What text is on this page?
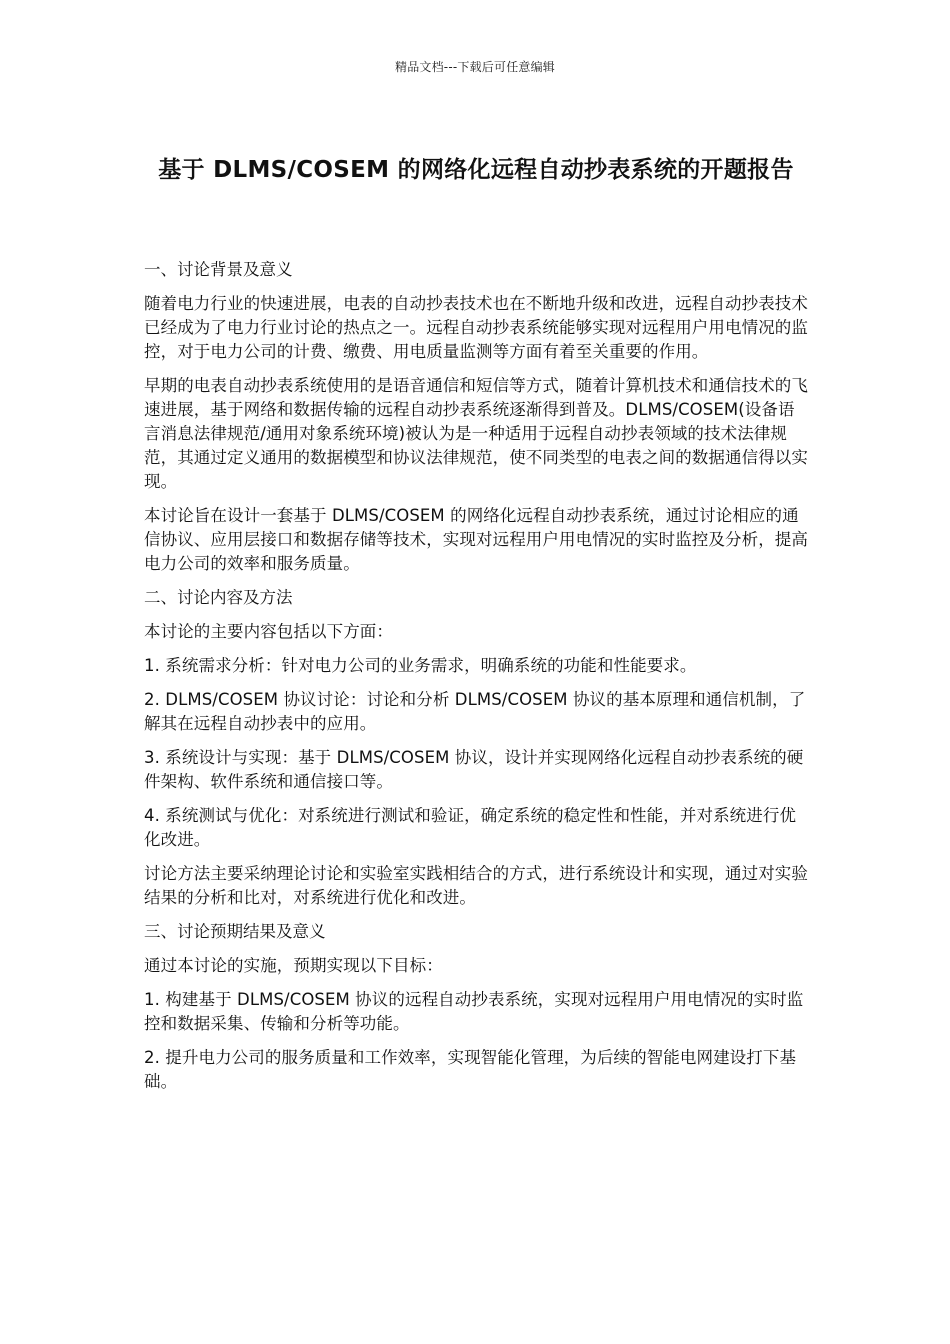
精品文档---下载后可任意编辑
基于 DLMS/COSEM 的网络化远程自动抄表系统的开题报告
一、讨论背景及意义

随着电力行业的快速进展，电表的自动抄表技术也在不断地升级和改进，远程自动抄表技术已经成为了电力行业讨论的热点之一。远程自动抄表系统能够实现对远程用户用电情况的监控，对于电力公司的计费、缴费、用电质量监测等方面有着至关重要的作用。

早期的电表自动抄表系统使用的是语音通信和短信等方式，随着计算机技术和通信技术的飞速进展，基于网络和数据传输的远程自动抄表系统逐渐得到普及。DLMS/COSEM(设备语言消息法律规范/通用对象系统环境)被认为是一种适用于远程自动抄表领域的技术法律规范，其通过定义通用的数据模型和协议法律规范，使不同类型的电表之间的数据通信得以实现。

本讨论旨在设计一套基于 DLMS/COSEM 的网络化远程自动抄表系统，通过讨论相应的通信协议、应用层接口和数据存储等技术，实现对远程用户用电情况的实时监控及分析，提高电力公司的效率和服务质量。

二、讨论内容及方法

本讨论的主要内容包括以下方面：

1. 系统需求分析：针对电力公司的业务需求，明确系统的功能和性能要求。

2. DLMS/COSEM 协议讨论：讨论和分析 DLMS/COSEM 协议的基本原理和通信机制，了解其在远程自动抄表中的应用。

3. 系统设计与实现：基于 DLMS/COSEM 协议，设计并实现网络化远程自动抄表系统的硬件架构、软件系统和通信接口等。

4. 系统测试与优化：对系统进行测试和验证，确定系统的稳定性和性能，并对系统进行优化改进。

讨论方法主要采纳理论讨论和实验室实践相结合的方式，进行系统设计和实现，通过对实验结果的分析和比对，对系统进行优化和改进。

三、讨论预期结果及意义

通过本讨论的实施，预期实现以下目标：

1. 构建基于 DLMS/COSEM 协议的远程自动抄表系统，实现对远程用户用电情况的实时监控和数据采集、传输和分析等功能。

2. 提升电力公司的服务质量和工作效率，实现智能化管理，为后续的智能电网建设打下基础。
